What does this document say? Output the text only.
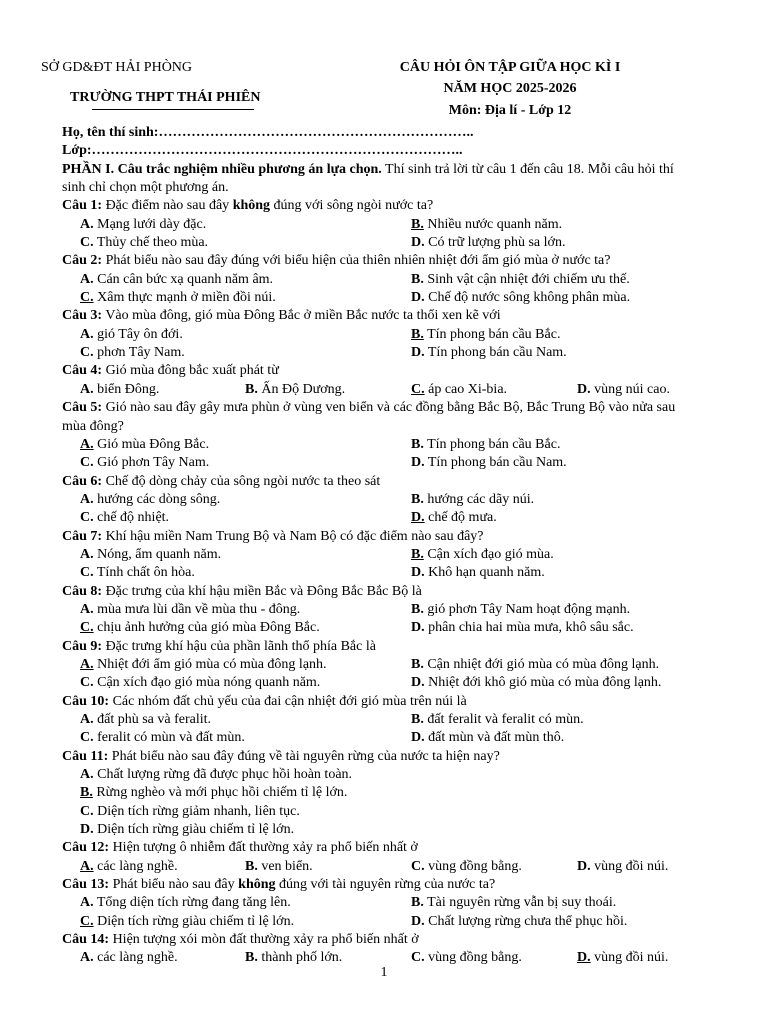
SỞ GD&ĐT HẢI PHÒNG
TRƯỜNG THPT THÁI PHIÊN
CÂU HỎI ÔN TẬP GIỮA HỌC KÌ I
NĂM HỌC 2025-2026
Môn: Địa lí - Lớp 12
Họ, tên thí sinh:…………………………………………………………..
Lớp:……………………………………………………………………..
PHẦN I. Câu trắc nghiệm nhiều phương án lựa chọn. Thí sinh trả lời từ câu 1 đến câu 18. Mỗi câu hỏi thí sinh chỉ chọn một phương án.
Câu 1: Đặc điểm nào sau đây không đúng với sông ngòi nước ta?
A. Mạng lưới dày đặc.	B. Nhiều nước quanh năm.
C. Thủy chế theo mùa.	D. Có trữ lượng phù sa lớn.
Câu 2: Phát biểu nào sau đây đúng với biểu hiện của thiên nhiên nhiệt đới ẩm gió mùa ở nước ta?
A. Cán cân bức xạ quanh năm âm.	B. Sinh vật cận nhiệt đới chiếm ưu thế.
C. Xâm thực mạnh ở miền đồi núi.	D. Chế độ nước sông không phân mùa.
Câu 3: Vào mùa đông, gió mùa Đông Bắc ở miền Bắc nước ta thổi xen kẽ với
A. gió Tây ôn đới.	B. Tín phong bán cầu Bắc.
C. phơn Tây Nam.	D. Tín phong bán cầu Nam.
Câu 4: Gió mùa đông bắc xuất phát từ
A. biển Đông.	B. Ấn Độ Dương.	C. áp cao Xi-bia.	D. vùng núi cao.
Câu 5: Gió nào sau đây gây mưa phùn ở vùng ven biển và các đồng bằng Bắc Bộ, Bắc Trung Bộ vào nửa sau mùa đông?
A. Gió mùa Đông Bắc.	B. Tín phong bán cầu Bắc.
C. Gió phơn Tây Nam.	D. Tín phong bán cầu Nam.
Câu 6: Chế độ dòng chảy của sông ngòi nước ta theo sát
A. hướng các dòng sông.	B. hướng các dãy núi.
C. chế độ nhiệt.	D. chế độ mưa.
Câu 7: Khí hậu miền Nam Trung Bộ và Nam Bộ có đặc điểm nào sau đây?
A. Nóng, ẩm quanh năm.	B. Cận xích đạo gió mùa.
C. Tính chất ôn hòa.	D. Khô hạn quanh năm.
Câu 8: Đặc trưng của khí hậu miền Bắc và Đông Bắc Bắc Bộ là
A. mùa mưa lùi dần về mùa thu - đông.	B. gió phơn Tây Nam hoạt động mạnh.
C. chịu ảnh hưởng của gió mùa Đông Bắc.	D. phân chia hai mùa mưa, khô sâu sắc.
Câu 9: Đặc trưng khí hậu của phần lãnh thổ phía Bắc là
A. Nhiệt đới ẩm gió mùa có mùa đông lạnh.	B. Cận nhiệt đới gió mùa có mùa đông lạnh.
C. Cận xích đạo gió mùa nóng quanh năm.	D. Nhiệt đới khô gió mùa có mùa đông lạnh.
Câu 10: Các nhóm đất chủ yếu của đai cận nhiệt đới gió mùa trên núi là
A. đất phù sa và feralit.	B. đất feralit và feralit có mùn.
C. feralit có mùn và đất mùn.	D. đất mùn và đất mùn thô.
Câu 11: Phát biểu nào sau đây đúng về tài nguyên rừng của nước ta hiện nay?
A. Chất lượng rừng đã được phục hồi hoàn toàn.
B. Rừng nghèo và mới phục hồi chiếm tỉ lệ lớn.
C. Diện tích rừng giảm nhanh, liên tục.
D. Diện tích rừng giàu chiếm tỉ lệ lớn.
Câu 12: Hiện tượng ô nhiễm đất thường xảy ra phổ biến nhất ở
A. các làng nghề.	B. ven biển.	C. vùng đồng bằng.	D. vùng đồi núi.
Câu 13: Phát biểu nào sau đây không đúng với tài nguyên rừng của nước ta?
A. Tổng diện tích rừng đang tăng lên.	B. Tài nguyên rừng vẫn bị suy thoái.
C. Diện tích rừng giàu chiếm tỉ lệ lớn.	D. Chất lượng rừng chưa thể phục hồi.
Câu 14: Hiện tượng xói mòn đất thường xảy ra phổ biến nhất ở
A. các làng nghề.	B. thành phố lớn.	C. vùng đồng bằng.	D. vùng đồi núi.
1
